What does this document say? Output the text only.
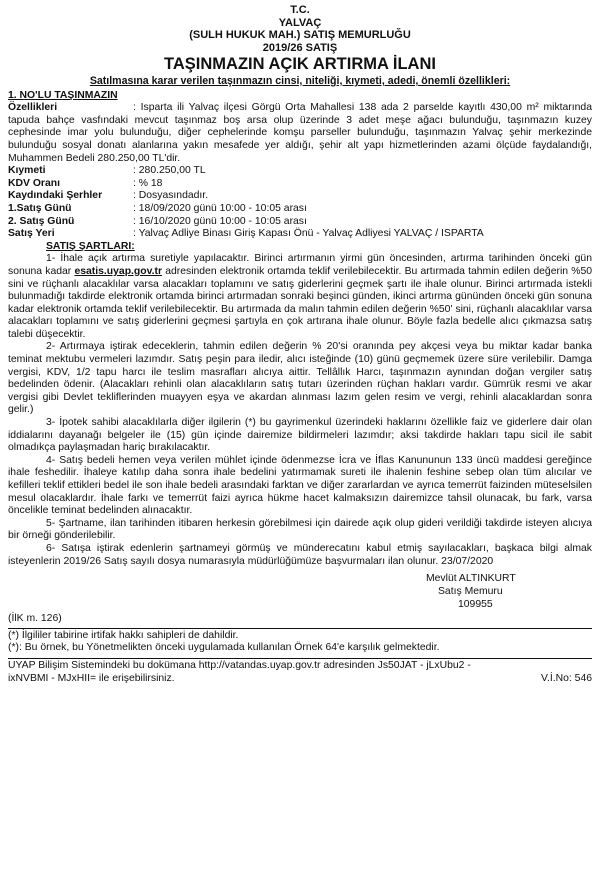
T.C.
YALVAÇ
(SULH HUKUK MAH.) SATIŞ MEMURLUĞU
2019/26 SATIŞ
TAŞINMAZIN AÇIK ARTIRMA İLANI
Satılmasına karar verilen taşınmazın cinsi, niteliği, kıymeti, adedi, önemli özellikleri:
1. NO'LU TAŞINMAZIN
Özellikleri	: Isparta ili Yalvaç ilçesi Görgü Orta Mahallesi 138 ada 2 parselde kayıtlı 430,00 m² miktarında tapuda bahçe vasfındaki mevcut taşınmaz boş arsa olup üzerinde 3 adet meşe ağacı bulunduğu, taşınmazın kuzey cephesinde imar yolu bulunduğu, diğer cephelerinde komşu parseller bulunduğu, taşınmazın Yalvaç şehir merkezinde bulunduğu sosyal donatı alanlarına yakın mesafede yer aldığı, şehir alt yapı hizmetlerinden azami ölçüde faydalandığı, Muhammen Bedeli 280.250,00 TL'dir.
Kıymeti	: 280.250,00 TL
KDV Oranı	: % 18
Kaydındaki Şerhler	: Dosyasındadır.
1.Satış Günü	: 18/09/2020 günü 10:00 - 10:05 arası
2. Satış Günü	: 16/10/2020 günü 10:00 - 10:05 arası
Satış Yeri	: Yalvaç Adliye Binası Giriş Kapası Önü - Yalvaç Adliyesi YALVAÇ / ISPARTA
SATIŞ ŞARTLARI:
1- İhale açık artırma suretiyle yapılacaktır. Birinci artırmanın yirmi gün öncesinden, artırma tarihinden önceki gün sonuna kadar esatis.uyap.gov.tr adresinden elektronik ortamda teklif verilebilecektir. Bu artırmada tahmin edilen değerin %50 sini ve rüçhanlı alacaklılar varsa alacakları toplamını ve satış giderlerini geçmek şartı ile ihale olunur. Birinci artırmada istekli bulunmadığı takdirde elektronik ortamda birinci artırmadan sonraki beşinci günden, ikinci artırma gününden önceki gün sonuna kadar elektronik ortamda teklif verilebilecektir. Bu artırmada da malın tahmin edilen değerin %50' sini, rüçhanlı alacaklılar varsa alacakları toplamını ve satış giderlerini geçmesi şartıyla en çok artırana ihale olunur. Böyle fazla bedelle alıcı çıkmazsa satış talebi düşecektir.
2- Artırmaya iştirak edeceklerin, tahmin edilen değerin % 20'si oranında pey akçesi veya bu miktar kadar banka teminat mektubu vermeleri lazımdır. Satış peşin para iledir, alıcı isteğinde (10) günü geçmemek üzere süre verilebilir. Damga vergisi, KDV, 1/2 tapu harcı ile teslim masrafları alıcıya aittir. Tellâllık Harcı, taşınmazın aynından doğan vergiler satış bedelinden ödenir. (Alacakları rehinli olan alacaklıların satış tutarı üzerinden rüçhan hakları vardır. Gümrük resmi ve akar vergisi gibi Devlet tekliflerinden muayyen eşya ve akardan alınması lazım gelen resim ve vergi, rehinli alacaklardan sonra gelir.)
3- İpotek sahibi alacaklılarla diğer ilgilerin (*) bu gayrimenkul üzerindeki haklarını özellikle faiz ve giderlere dair olan iddialarını dayanağı belgeler ile (15) gün içinde dairemize bildirmeleri lazımdır; aksi takdirde hakları tapu sicil ile sabit olmadıkça paylaşmadan hariç bırakılacaktır.
4- Satış bedeli hemen veya verilen mühlet içinde ödenmezse İcra ve İflas Kanununun 133 üncü maddesi gereğince ihale feshedilir. İhaleye katılıp daha sonra ihale bedelini yatırmamak sureti ile ihalenin feshine sebep olan tüm alıcılar ve kefilleri teklif ettikleri bedel ile son ihale bedeli arasındaki farktan ve diğer zararlardan ve ayrıca temerrüt faizinden müteselsilen mesul olacaklardır. İhale farkı ve temerrüt faizi ayrıca hükme hacet kalmaksızın dairemizce tahsil olunacak, bu fark, varsa öncelikle teminat bedelinden alınacaktır.
5- Şartname, ilan tarihinden itibaren herkesin görebilmesi için dairede açık olup gideri verildiği takdirde isteyen alıcıya bir örneği gönderilebilir.
6- Satışa iştirak edenlerin şartnameyi görmüş ve münderecatını kabul etmiş sayılacakları, başkaca bilgi almak isteyenlerin 2019/26 Satış sayılı dosya numarasıyla müdürlüğümüze başvurmaları ilan olunur. 23/07/2020
Mevlüt ALTINKURT
Satış Memuru
109955
(İlK m. 126)
(*) İlgililer tabirine irtifak hakkı sahipleri de dahildir.
(*): Bu örnek, bu Yönetmelikten önceki uygulamada kullanılan Örnek 64'e karşılık gelmektedir.
UYAP Bilişim Sistemindeki bu dokümana http://vatandas.uyap.gov.tr adresinden Js50JAT - jLxUbu2 -
ixNVBMI - MJxHII= ile erişebilirsiniz.	V.İ.No: 546
